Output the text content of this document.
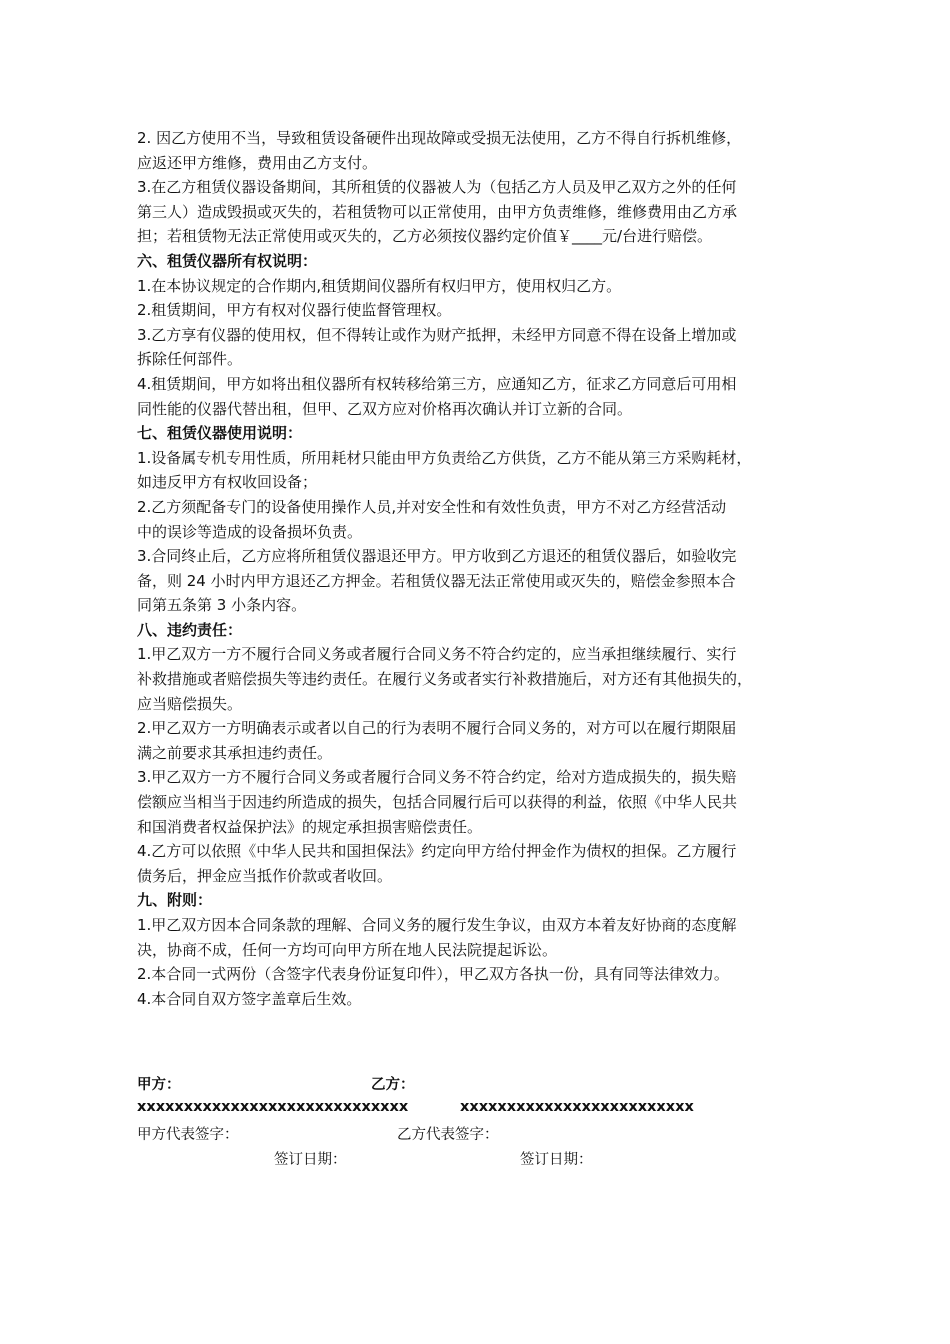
2. 因乙方使用不当，导致租赁设备硬件出现故障或受损无法使用，乙方不得自行拆机维修，

应返还甲方维修，费用由乙方支付。

3.在乙方租赁仪器设备期间，其所租赁的仪器被人为（包括乙方人员及甲乙双方之外的任何

第三人）造成毁损或灭失的，若租赁物可以正常使用，由甲方负责维修，维修费用由乙方承

担；若租赁物无法正常使用或灭失的，乙方必须按仪器约定价值￥____元/台进行赔偿。

六、租赁仪器所有权说明：

1.在本协议规定的合作期内,租赁期间仪器所有权归甲方，使用权归乙方。

2.租赁期间，甲方有权对仪器行使监督管理权。

3.乙方享有仪器的使用权，但不得转让或作为财产抵押，未经甲方同意不得在设备上增加或

拆除任何部件。

4.租赁期间，甲方如将出租仪器所有权转移给第三方，应通知乙方，征求乙方同意后可用相

同性能的仪器代替出租，但甲、乙双方应对价格再次确认并订立新的合同。

七、租赁仪器使用说明：

1.设备属专机专用性质，所用耗材只能由甲方负责给乙方供货，乙方不能从第三方采购耗材，

如违反甲方有权收回设备；

2.乙方须配备专门的设备使用操作人员,并对安全性和有效性负责，甲方不对乙方经营活动

中的误诊等造成的设备损坏负责。

3.合同终止后，乙方应将所租赁仪器退还甲方。甲方收到乙方退还的租赁仪器后，如验收完

备，则 24 小时内甲方退还乙方押金。若租赁仪器无法正常使用或灭失的，赔偿金参照本合

同第五条第 3 小条内容。

八、违约责任：

1.甲乙双方一方不履行合同义务或者履行合同义务不符合约定的，应当承担继续履行、实行

补救措施或者赔偿损失等违约责任。在履行义务或者实行补救措施后，对方还有其他损失的，

应当赔偿损失。

2.甲乙双方一方明确表示或者以自己的行为表明不履行合同义务的，对方可以在履行期限届

满之前要求其承担违约责任。

3.甲乙双方一方不履行合同义务或者履行合同义务不符合约定，给对方造成损失的，损失赔

偿额应当相当于因违约所造成的损失，包括合同履行后可以获得的利益，依照《中华人民共

和国消费者权益保护法》的规定承担损害赔偿责任。

4.乙方可以依照《中华人民共和国担保法》约定向甲方给付押金作为债权的担保。乙方履行

债务后，押金应当抵作价款或者收回。

九、附则：

1.甲乙双方因本合同条款的理解、合同义务的履行发生争议，由双方本着友好协商的态度解

决，协商不成，任何一方均可向甲方所在地人民法院提起诉讼。

2.本合同一式两份（含签字代表身份证复印件），甲乙双方各执一份，具有同等法律效力。

4.本合同自双方签字盖章后生效。

甲方：	乙方：
xxxxxxxxxxxxxxxxxxxxxxxxxxxxx	xxxxxxxxxxxxxxxxxxxxxxxxx
甲方代表签字：	乙方代表签字：
签订日期：	签订日期：
